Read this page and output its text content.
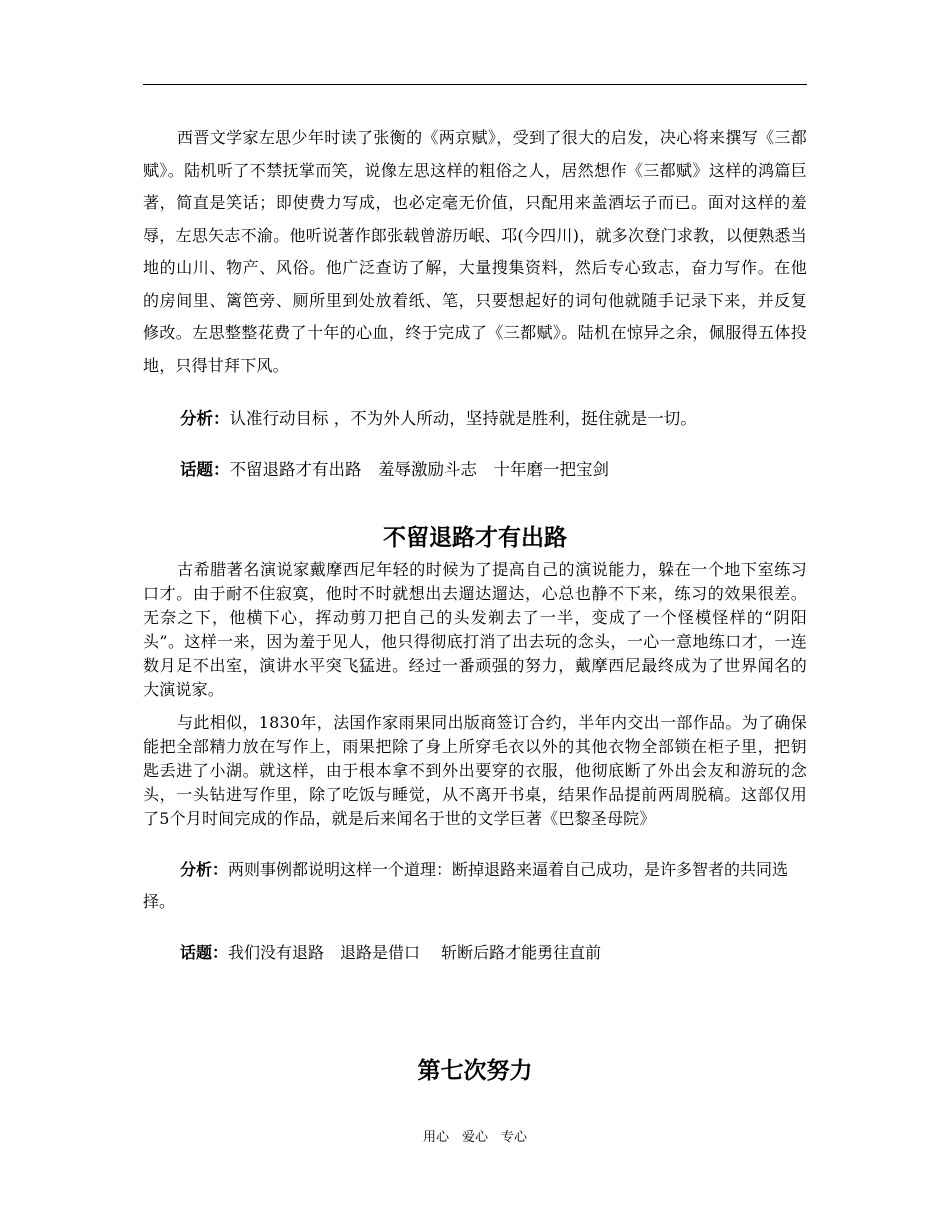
西晋文学家左思少年时读了张衡的《两京赋》，受到了很大的启发，决心将来撰写《三都赋》。陆机听了不禁抚掌而笑，说像左思这样的粗俗之人，居然想作《三都赋》这样的鸿篇巨著，简直是笑话；即使费力写成，也必定毫无价值，只配用来盖酒坛子而已。面对这样的羞辱，左思矢志不渝。他听说著作郎张载曾游历岷、邛(今四川)，就多次登门求教，以便熟悉当地的山川、物产、风俗。他广泛查访了解，大量搜集资料，然后专心致志，奋力写作。在他的房间里、篱笆旁、厕所里到处放着纸、笔，只要想起好的词句他就随手记录下来，并反复修改。左思整整花费了十年的心血，终于完成了《三都赋》。陆机在惊异之余，佩服得五体投地，只得甘拜下风。
分析：认准行动目标 ，不为外人所动，坚持就是胜利，挺住就是一切。
话题：不留退路才有出路　羞辱激励斗志　十年磨一把宝剑
不留退路才有出路
古希腊著名演说家戴摩西尼年轻的时候为了提高自己的演说能力，躲在一个地下室练习口才。由于耐不住寂寞，他时不时就想出去遛达遛达，心总也静不下来，练习的效果很差。无奈之下，他横下心，挥动剪刀把自己的头发剃去了一半，变成了一个怪模怪样的“阴阳头”。这样一来，因为羞于见人，他只得彻底打消了出去玩的念头，一心一意地练口才，一连数月足不出室，演讲水平突飞猛进。经过一番顽强的努力，戴摩西尼最终成为了世界闻名的大演说家。
与此相似，1830年，法国作家雨果同出版商签订合约，半年内交出一部作品。为了确保能把全部精力放在写作上，雨果把除了身上所穿毛衣以外的其他衣物全部锁在柜子里，把钥匙丢进了小湖。就这样，由于根本拿不到外出要穿的衣服，他彻底断了外出会友和游玩的念头，一头钻进写作里，除了吃饭与睡觉，从不离开书桌，结果作品提前两周脱稿。这部仅用了5个月时间完成的作品，就是后来闻名于世的文学巨著《巴黎圣母院》
分析：两则事例都说明这样一个道理：断掉退路来逼着自己成功，是许多智者的共同选择。
话题：我们没有退路　退路是借口　 斩断后路才能勇往直前
第七次努力
用心　爱心　专心
